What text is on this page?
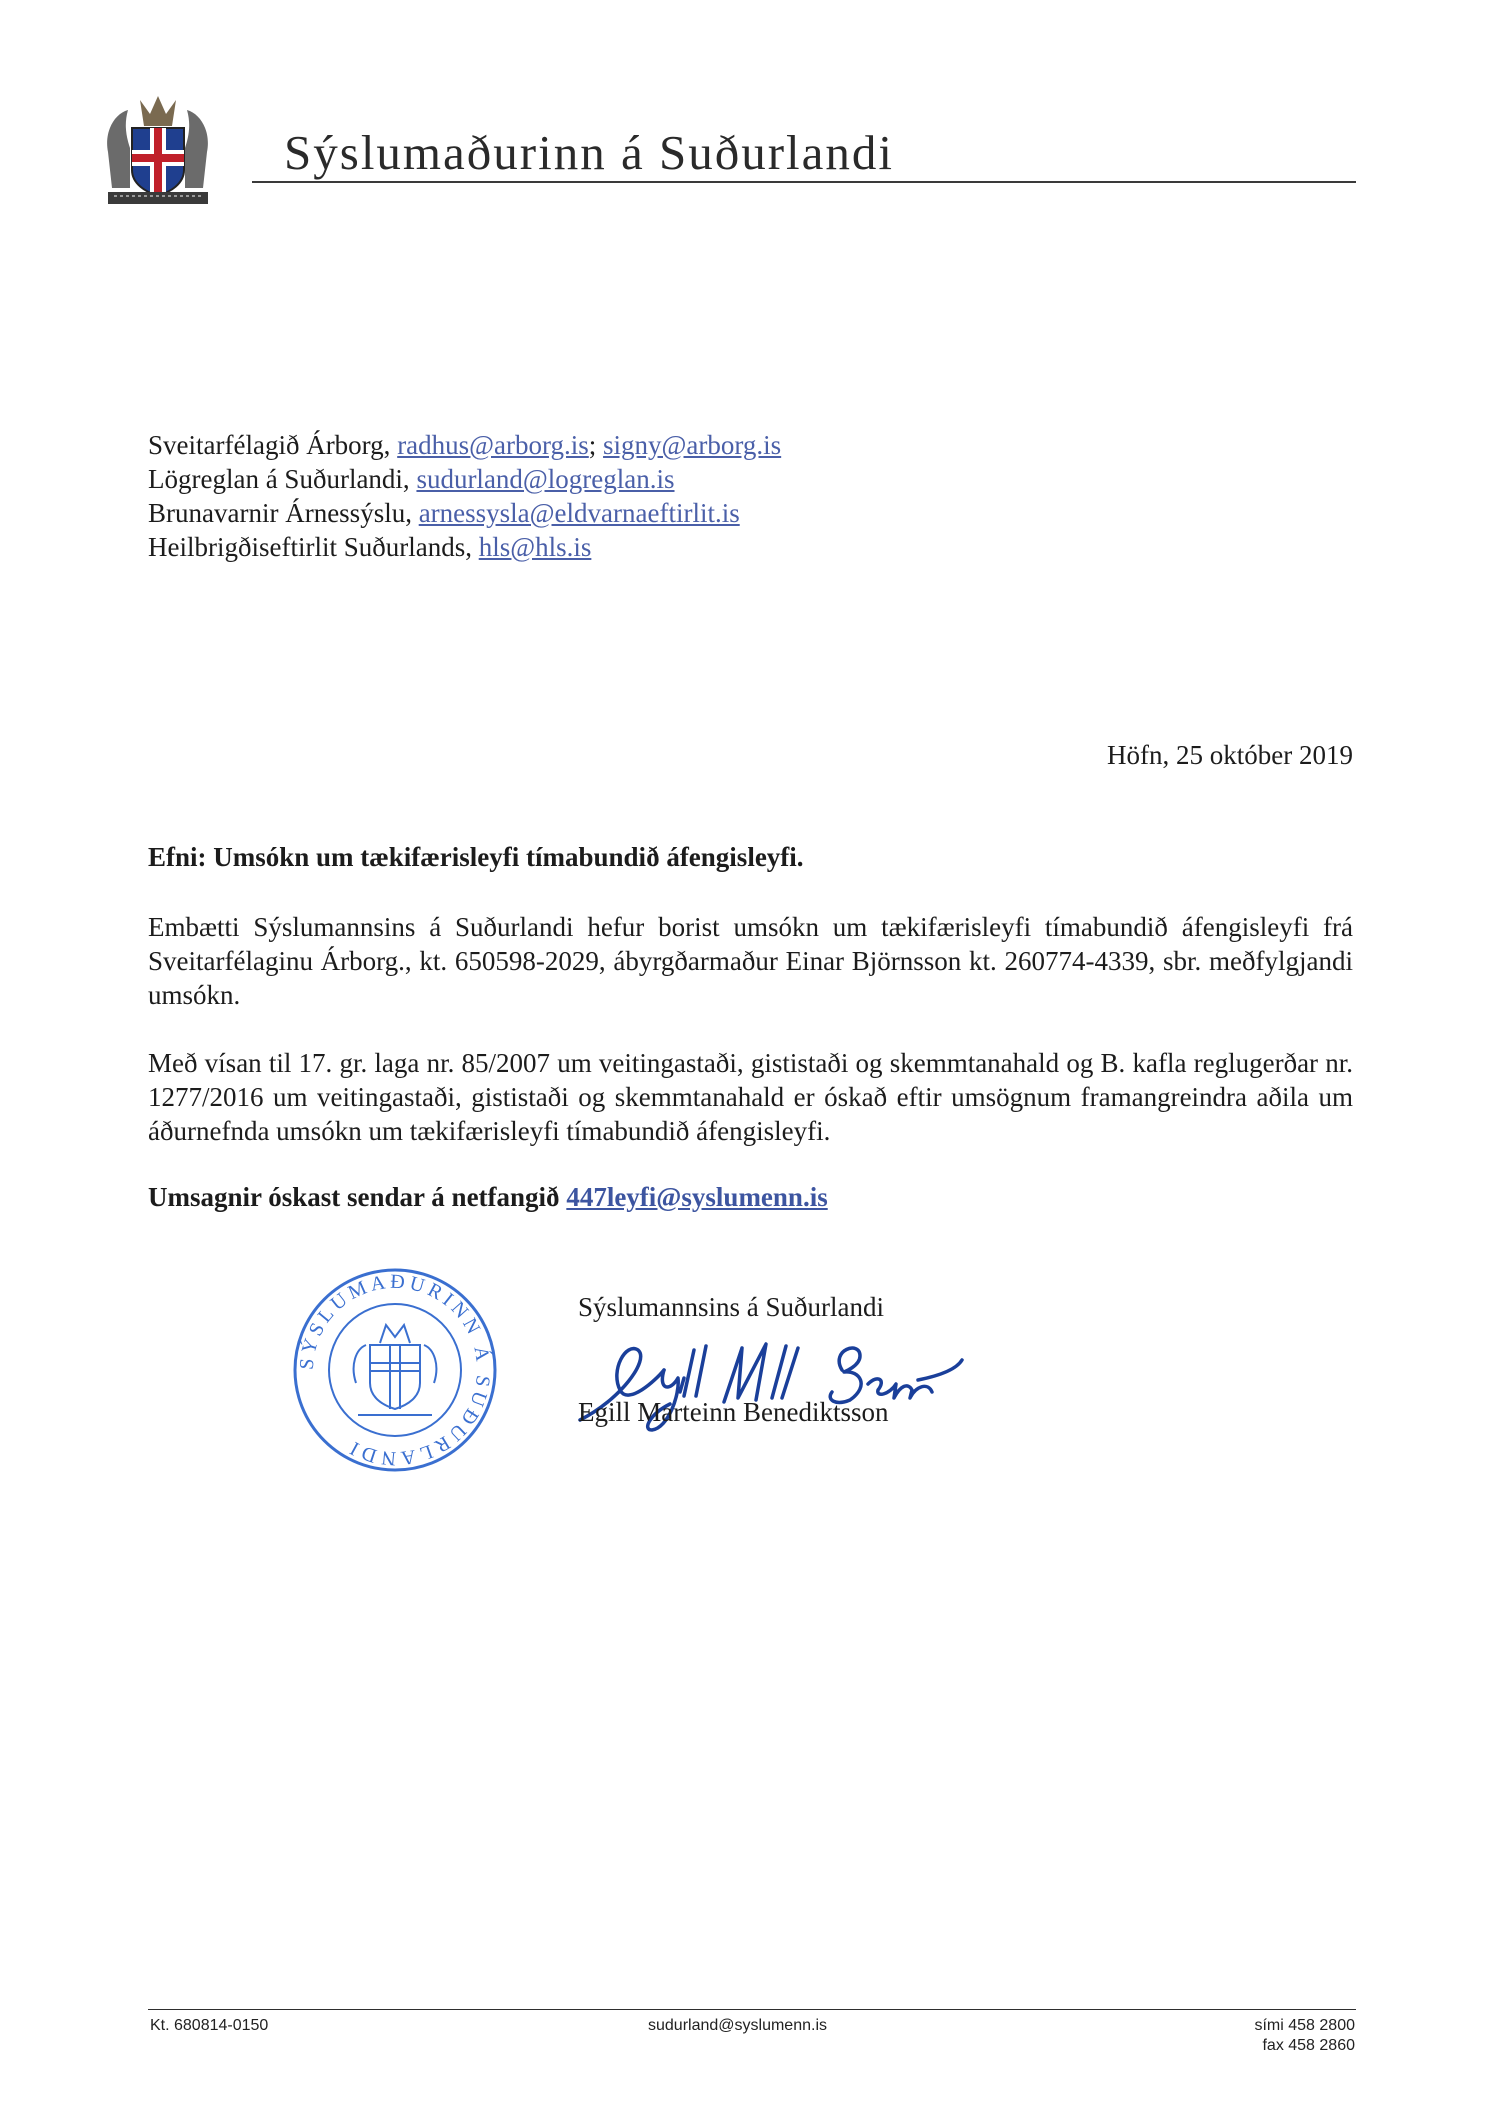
Sýslumaðurinn á Suðurlandi
Sveitarfélagið Árborg, radhus@arborg.is; signy@arborg.is
Lögreglan á Suðurlandi, sudurland@logreglan.is
Brunavarnir Árnessýslu, arnessysla@eldvarnaeftirlit.is
Heilbrigðiseftirlit Suðurlands, hls@hls.is
Höfn, 25 október 2019
Efni: Umsókn um tækifærisleyfi tímabundið áfengisleyfi.
Embætti Sýslumannsins á Suðurlandi hefur borist umsókn um tækifærisleyfi tímabundið áfengisleyfi frá Sveitarfélaginu Árborg., kt. 650598-2029, ábyrgðarmaður Einar Björnsson kt. 260774-4339, sbr. meðfylgjandi umsókn.
Með vísan til 17. gr. laga nr. 85/2007 um veitingastaði, gististaði og skemmtanahald og B. kafla reglugerðar nr. 1277/2016 um veitingastaði, gististaði og skemmtanahald er óskað eftir umsögnum framangreindra aðila um áðurnefnda umsókn um tækifærisleyfi tímabundið áfengisleyfi.
Umsagnir óskast sendar á netfangið 447leyfi@syslumenn.is
SÝSLUMAÐURINN Á SUÐURLANDI
Sýslumannsins á Suðurlandi
Egill M Ben
Egill Marteinn Benediktsson
Kt. 680814-0150	sudurland@syslumenn.is	sími 458 2800
fax 458 2860
